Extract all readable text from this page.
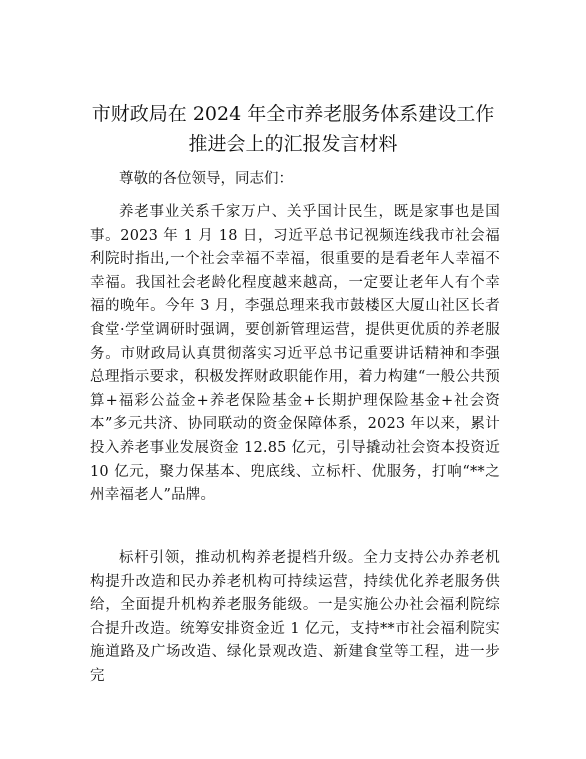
市财政局在 2024 年全市养老服务体系建设工作
推进会上的汇报发言材料

尊敬的各位领导，同志们：

养老事业关系千家万户、关乎国计民生，既是家事也是国事。2023 年 1 月 18 日，习近平总书记视频连线我市社会福利院时指出,一个社会幸福不幸福，很重要的是看老年人幸福不幸福。我国社会老龄化程度越来越高，一定要让老年人有个幸福的晚年。今年 3 月，李强总理来我市鼓楼区大厦山社区长者食堂·学堂调研时强调，要创新管理运营，提供更优质的养老服务。市财政局认真贯彻落实习近平总书记重要讲话精神和李强总理指示要求，积极发挥财政职能作用，着力构建“一般公共预算+福彩公益金+养老保险基金+长期护理保险基金+社会资本”多元共济、协同联动的资金保障体系，2023 年以来，累计投入养老事业发展资金 12.85 亿元，引导撬动社会资本投资近 10 亿元，聚力保基本、兜底线、立标杆、优服务，打响“**之州幸福老人”品牌。

标杆引领，推动机构养老提档升级。全力支持公办养老机构提升改造和民办养老机构可持续运营，持续优化养老服务供给，全面提升机构养老服务能级。一是实施公办社会福利院综合提升改造。统筹安排资金近 1 亿元，支持**市社会福利院实施道路及广场改造、绿化景观改造、新建食堂等工程，进一步完
